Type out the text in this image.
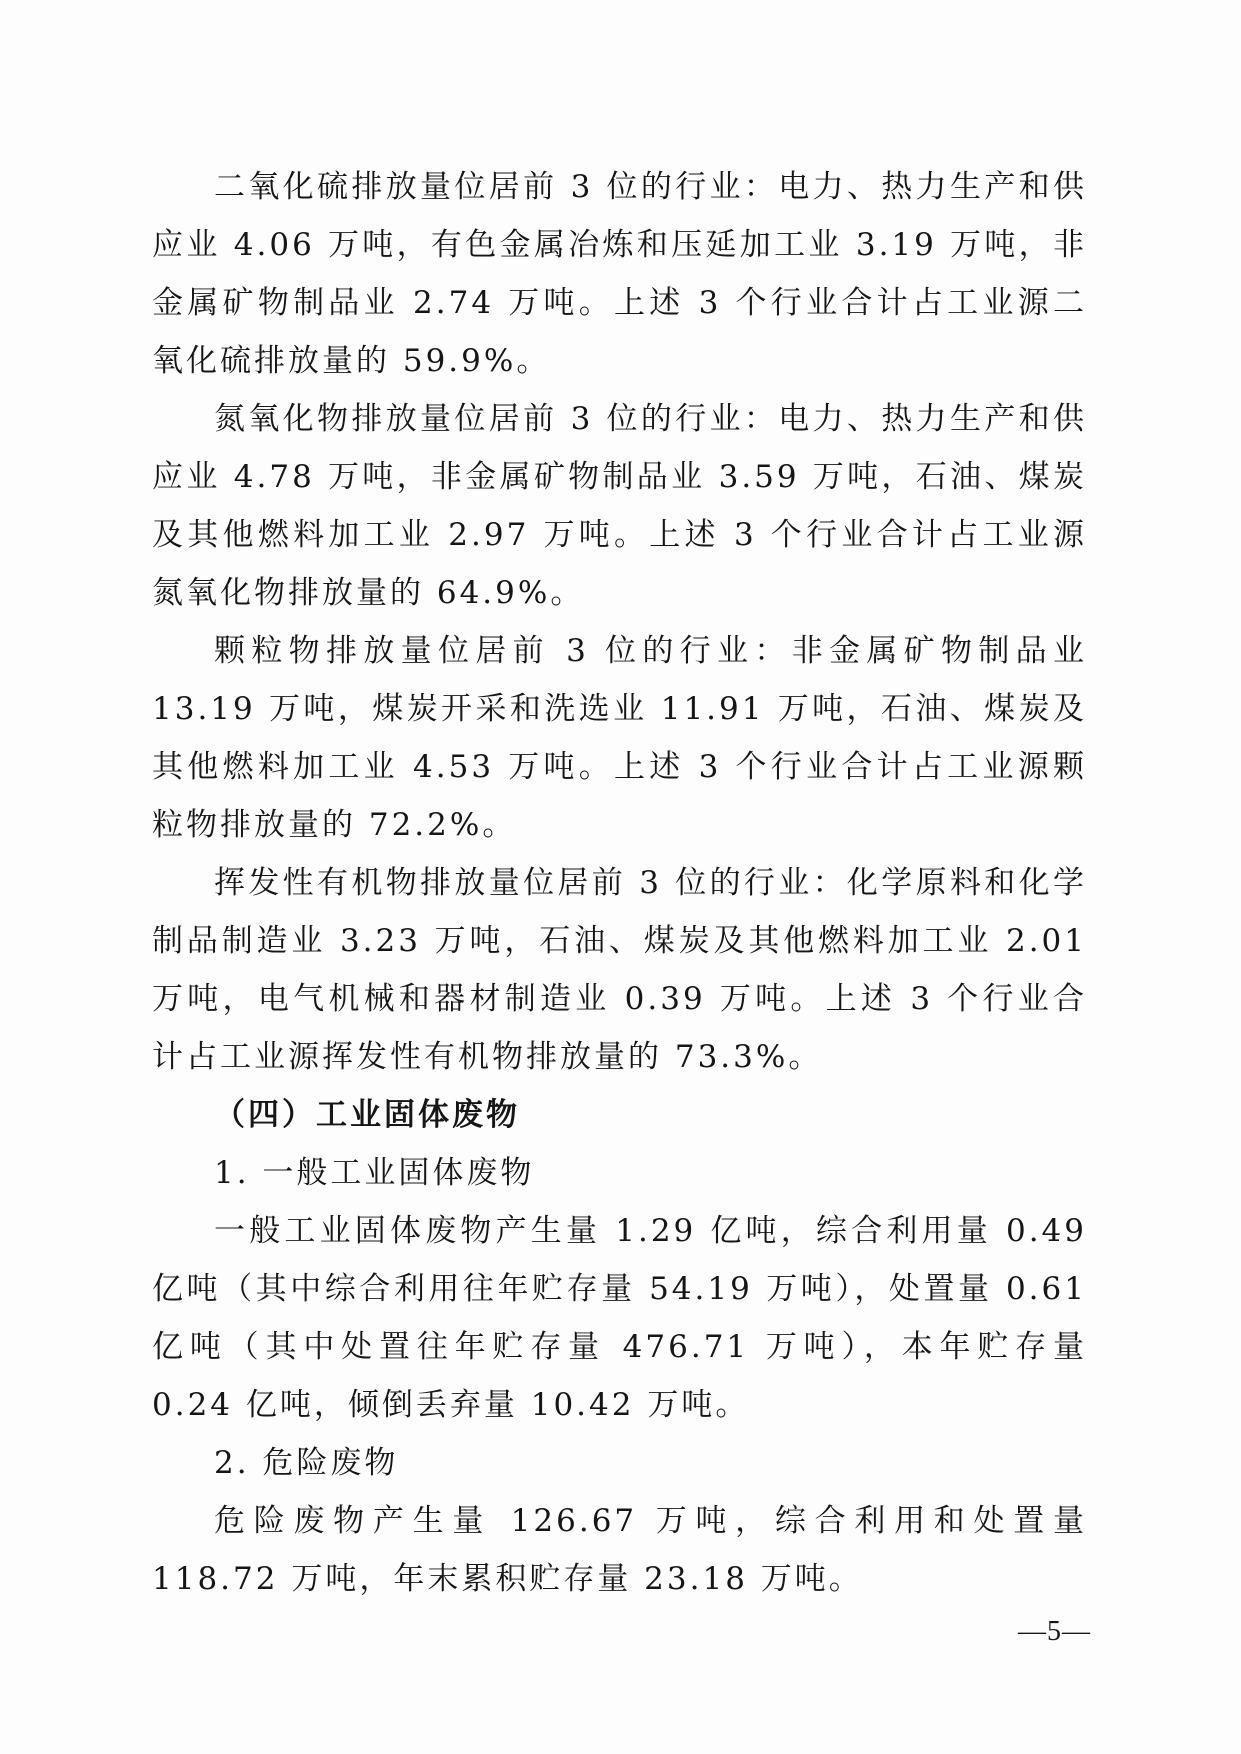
二氧化硫排放量位居前 3 位的行业：电力、热力生产和供应业 4.06 万吨，有色金属冶炼和压延加工业 3.19 万吨，非金属矿物制品业 2.74 万吨。上述 3 个行业合计占工业源二氧化硫排放量的 59.9%。

氮氧化物排放量位居前 3 位的行业：电力、热力生产和供应业 4.78 万吨，非金属矿物制品业 3.59 万吨，石油、煤炭及其他燃料加工业 2.97 万吨。上述 3 个行业合计占工业源氮氧化物排放量的 64.9%。

颗粒物排放量位居前 3 位的行业：非金属矿物制品业 13.19 万吨，煤炭开采和洗选业 11.91 万吨，石油、煤炭及其他燃料加工业 4.53 万吨。上述 3 个行业合计占工业源颗粒物排放量的 72.2%。

挥发性有机物排放量位居前 3 位的行业：化学原料和化学制品制造业 3.23 万吨，石油、煤炭及其他燃料加工业 2.01 万吨，电气机械和器材制造业 0.39 万吨。上述 3 个行业合计占工业源挥发性有机物排放量的 73.3%。

（四）工业固体废物

1. 一般工业固体废物

一般工业固体废物产生量 1.29 亿吨，综合利用量 0.49 亿吨（其中综合利用往年贮存量 54.19 万吨），处置量 0.61 亿吨（其中处置往年贮存量 476.71 万吨），本年贮存量 0.24 亿吨，倾倒丢弃量 10.42 万吨。

2. 危险废物

危险废物产生量 126.67 万吨，综合利用和处置量 118.72 万吨，年末累积贮存量 23.18 万吨。

—5—
